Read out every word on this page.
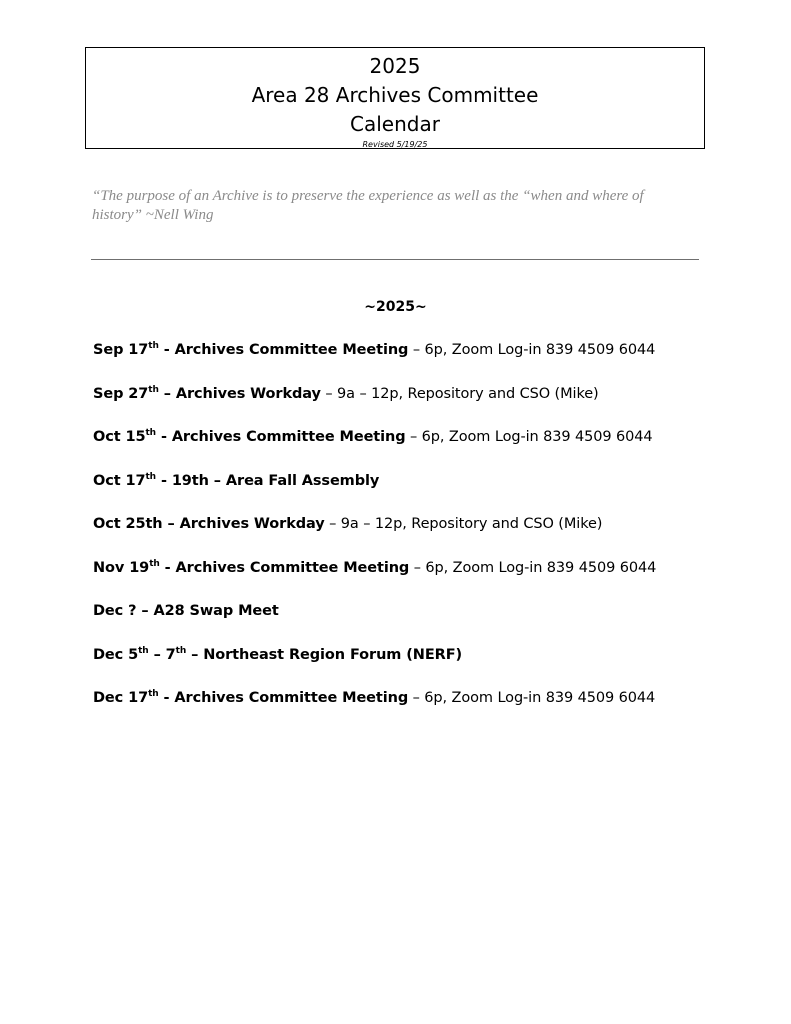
2025
Area 28 Archives Committee
Calendar
Revised 5/19/25
“The purpose of an Archive is to preserve the experience as well as the “when and where of history” ~Nell Wing
~2025~
Sep 17th - Archives Committee Meeting – 6p, Zoom Log-in 839 4509 6044
Sep 27th – Archives Workday – 9a – 12p, Repository and CSO (Mike)
Oct 15th - Archives Committee Meeting – 6p, Zoom Log-in 839 4509 6044
Oct 17th - 19th – Area Fall Assembly
Oct 25th – Archives Workday – 9a – 12p, Repository and CSO (Mike)
Nov 19th - Archives Committee Meeting – 6p, Zoom Log-in 839 4509 6044
Dec ? – A28 Swap Meet
Dec 5th – 7th – Northeast Region Forum (NERF)
Dec 17th - Archives Committee Meeting – 6p, Zoom Log-in 839 4509 6044
